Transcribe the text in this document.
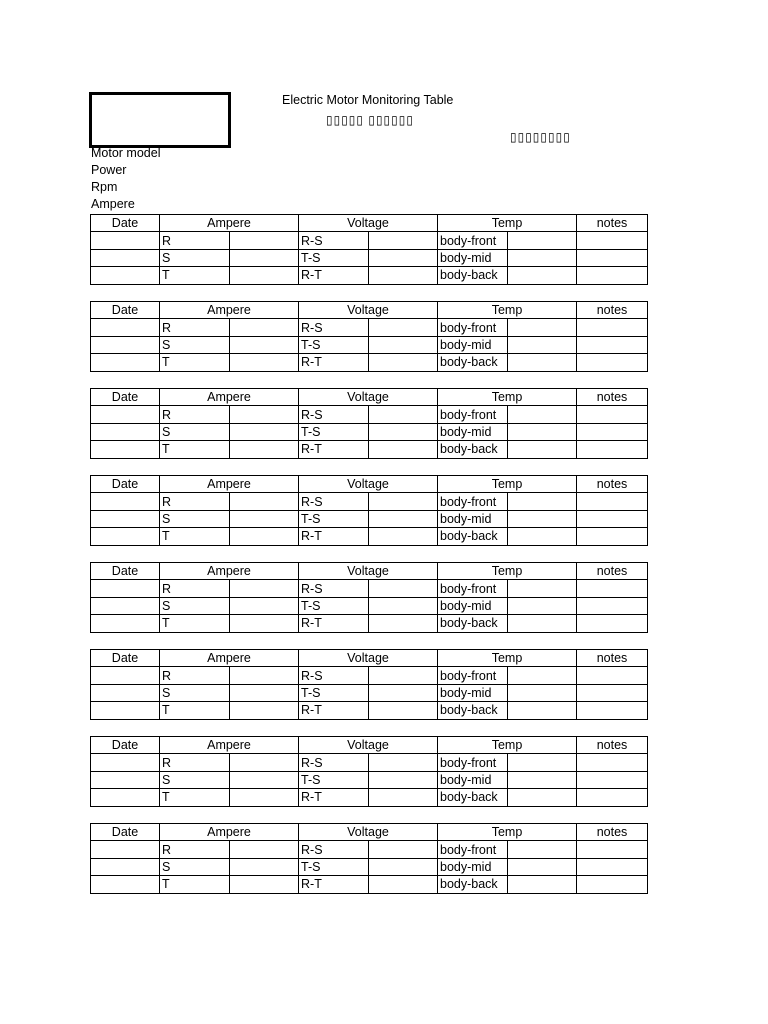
Electric Motor Monitoring Table
▯▯▯▯▯ ▯▯▯▯▯▯
▯▯▯▯▯▯▯▯
Motor model
Power
Rpm
Ampere
Date	Ampere		Voltage		Temp		notes
	R		R-S		body-front		
	S		T-S		body-mid		
	T		R-T		body-back		
Date	Ampere		Voltage		Temp		notes
	R		R-S		body-front		
	S		T-S		body-mid		
	T		R-T		body-back		
Date	Ampere		Voltage		Temp		notes
	R		R-S		body-front		
	S		T-S		body-mid		
	T		R-T		body-back		
Date	Ampere		Voltage		Temp		notes
	R		R-S		body-front		
	S		T-S		body-mid		
	T		R-T		body-back		
Date	Ampere		Voltage		Temp		notes
	R		R-S		body-front		
	S		T-S		body-mid		
	T		R-T		body-back		
Date	Ampere		Voltage		Temp		notes
	R		R-S		body-front		
	S		T-S		body-mid		
	T		R-T		body-back		
Date	Ampere		Voltage		Temp		notes
	R		R-S		body-front		
	S		T-S		body-mid		
	T		R-T		body-back		
Date	Ampere		Voltage		Temp		notes
	R		R-S		body-front		
	S		T-S		body-mid		
	T		R-T		body-back		
